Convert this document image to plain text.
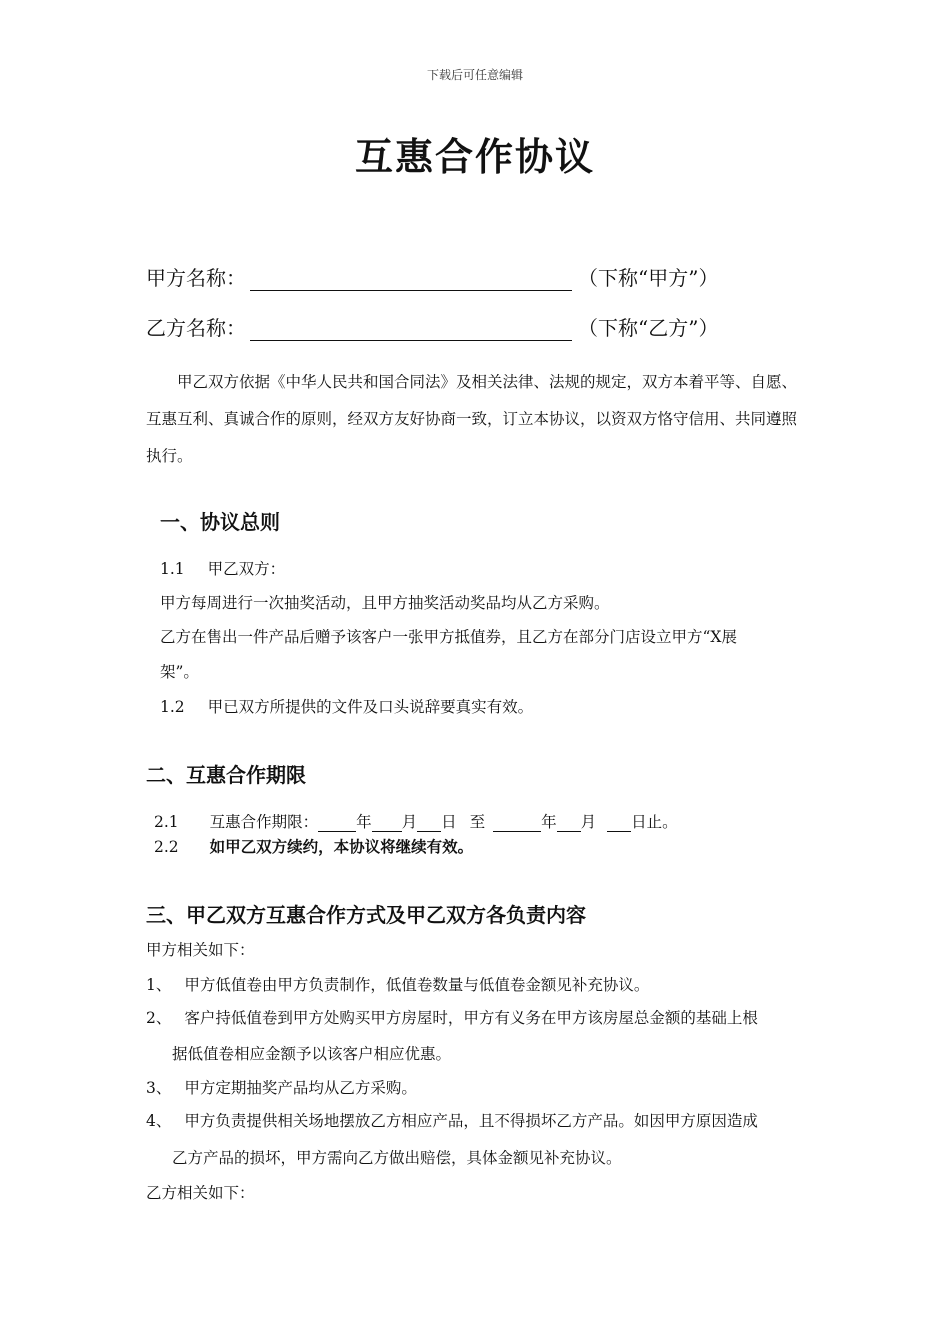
下载后可任意编辑
互惠合作协议
甲方名称：	（下称“甲方”）
乙方名称：	（下称“乙方”）
甲乙双方依据《中华人民共和国合同法》及相关法律、法规的规定，双方本着平等、自愿、互惠互利、真诚合作的原则，经双方友好协商一致，订立本协议，以资双方恪守信用、共同遵照执行。
一、协议总则
1.1 甲乙双方：
甲方每周进行一次抽奖活动，且甲方抽奖活动奖品均从乙方采购。
乙方在售出一件产品后赠予该客户一张甲方抵值券，且乙方在部分门店设立甲方“X展
架”。
1.2 甲已双方所提供的文件及口头说辞要真实有效。
二、互惠合作期限
2.1 互惠合作期限： 年 月 日 至	年 月 日止。
2.2 如甲乙双方续约，本协议将继续有效。
三、甲乙双方互惠合作方式及甲乙双方各负责内容
甲方相关如下：
1、 甲方低值卷由甲方负责制作，低值卷数量与低值卷金额见补充协议。
2、 客户持低值卷到甲方处购买甲方房屋时，甲方有义务在甲方该房屋总金额的基础上根
据低值卷相应金额予以该客户相应优惠。
3、 甲方定期抽奖产品均从乙方采购。
4、 甲方负责提供相关场地摆放乙方相应产品，且不得损坏乙方产品。如因甲方原因造成
乙方产品的损坏，甲方需向乙方做出赔偿，具体金额见补充协议。
乙方相关如下：
